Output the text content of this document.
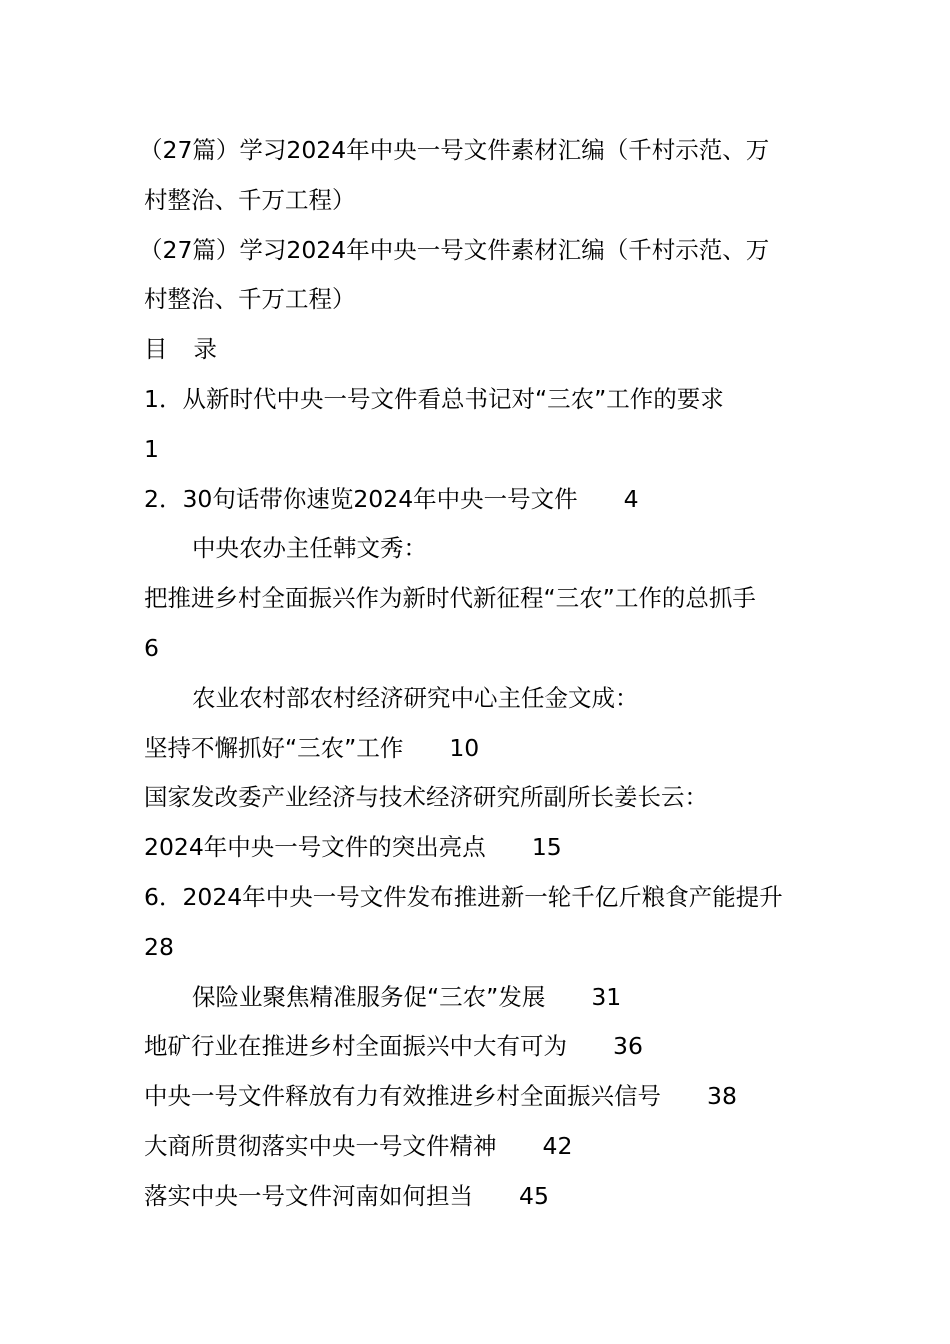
（27篇）学习2024年中央一号文件素材汇编（千村示范、万
村整治、千万工程）
（27篇）学习2024年中央一号文件素材汇编（千村示范、万
村整治、千万工程）
目 录
1．从新时代中央一号文件看总书记对“三农”工作的要求
1
2．30句话带你速览2024年中央一号文件 4
中央农办主任韩文秀：
把推进乡村全面振兴作为新时代新征程“三农”工作的总抓手
6
农业农村部农村经济研究中心主任金文成：
坚持不懈抓好“三农”工作 10
国家发改委产业经济与技术经济研究所副所长姜长云：
2024年中央一号文件的突出亮点 15
6．2024年中央一号文件发布推进新一轮千亿斤粮食产能提升
28
保险业聚焦精准服务促“三农”发展 31
地矿行业在推进乡村全面振兴中大有可为 36
中央一号文件释放有力有效推进乡村全面振兴信号 38
大商所贯彻落实中央一号文件精神 42
落实中央一号文件河南如何担当 45
